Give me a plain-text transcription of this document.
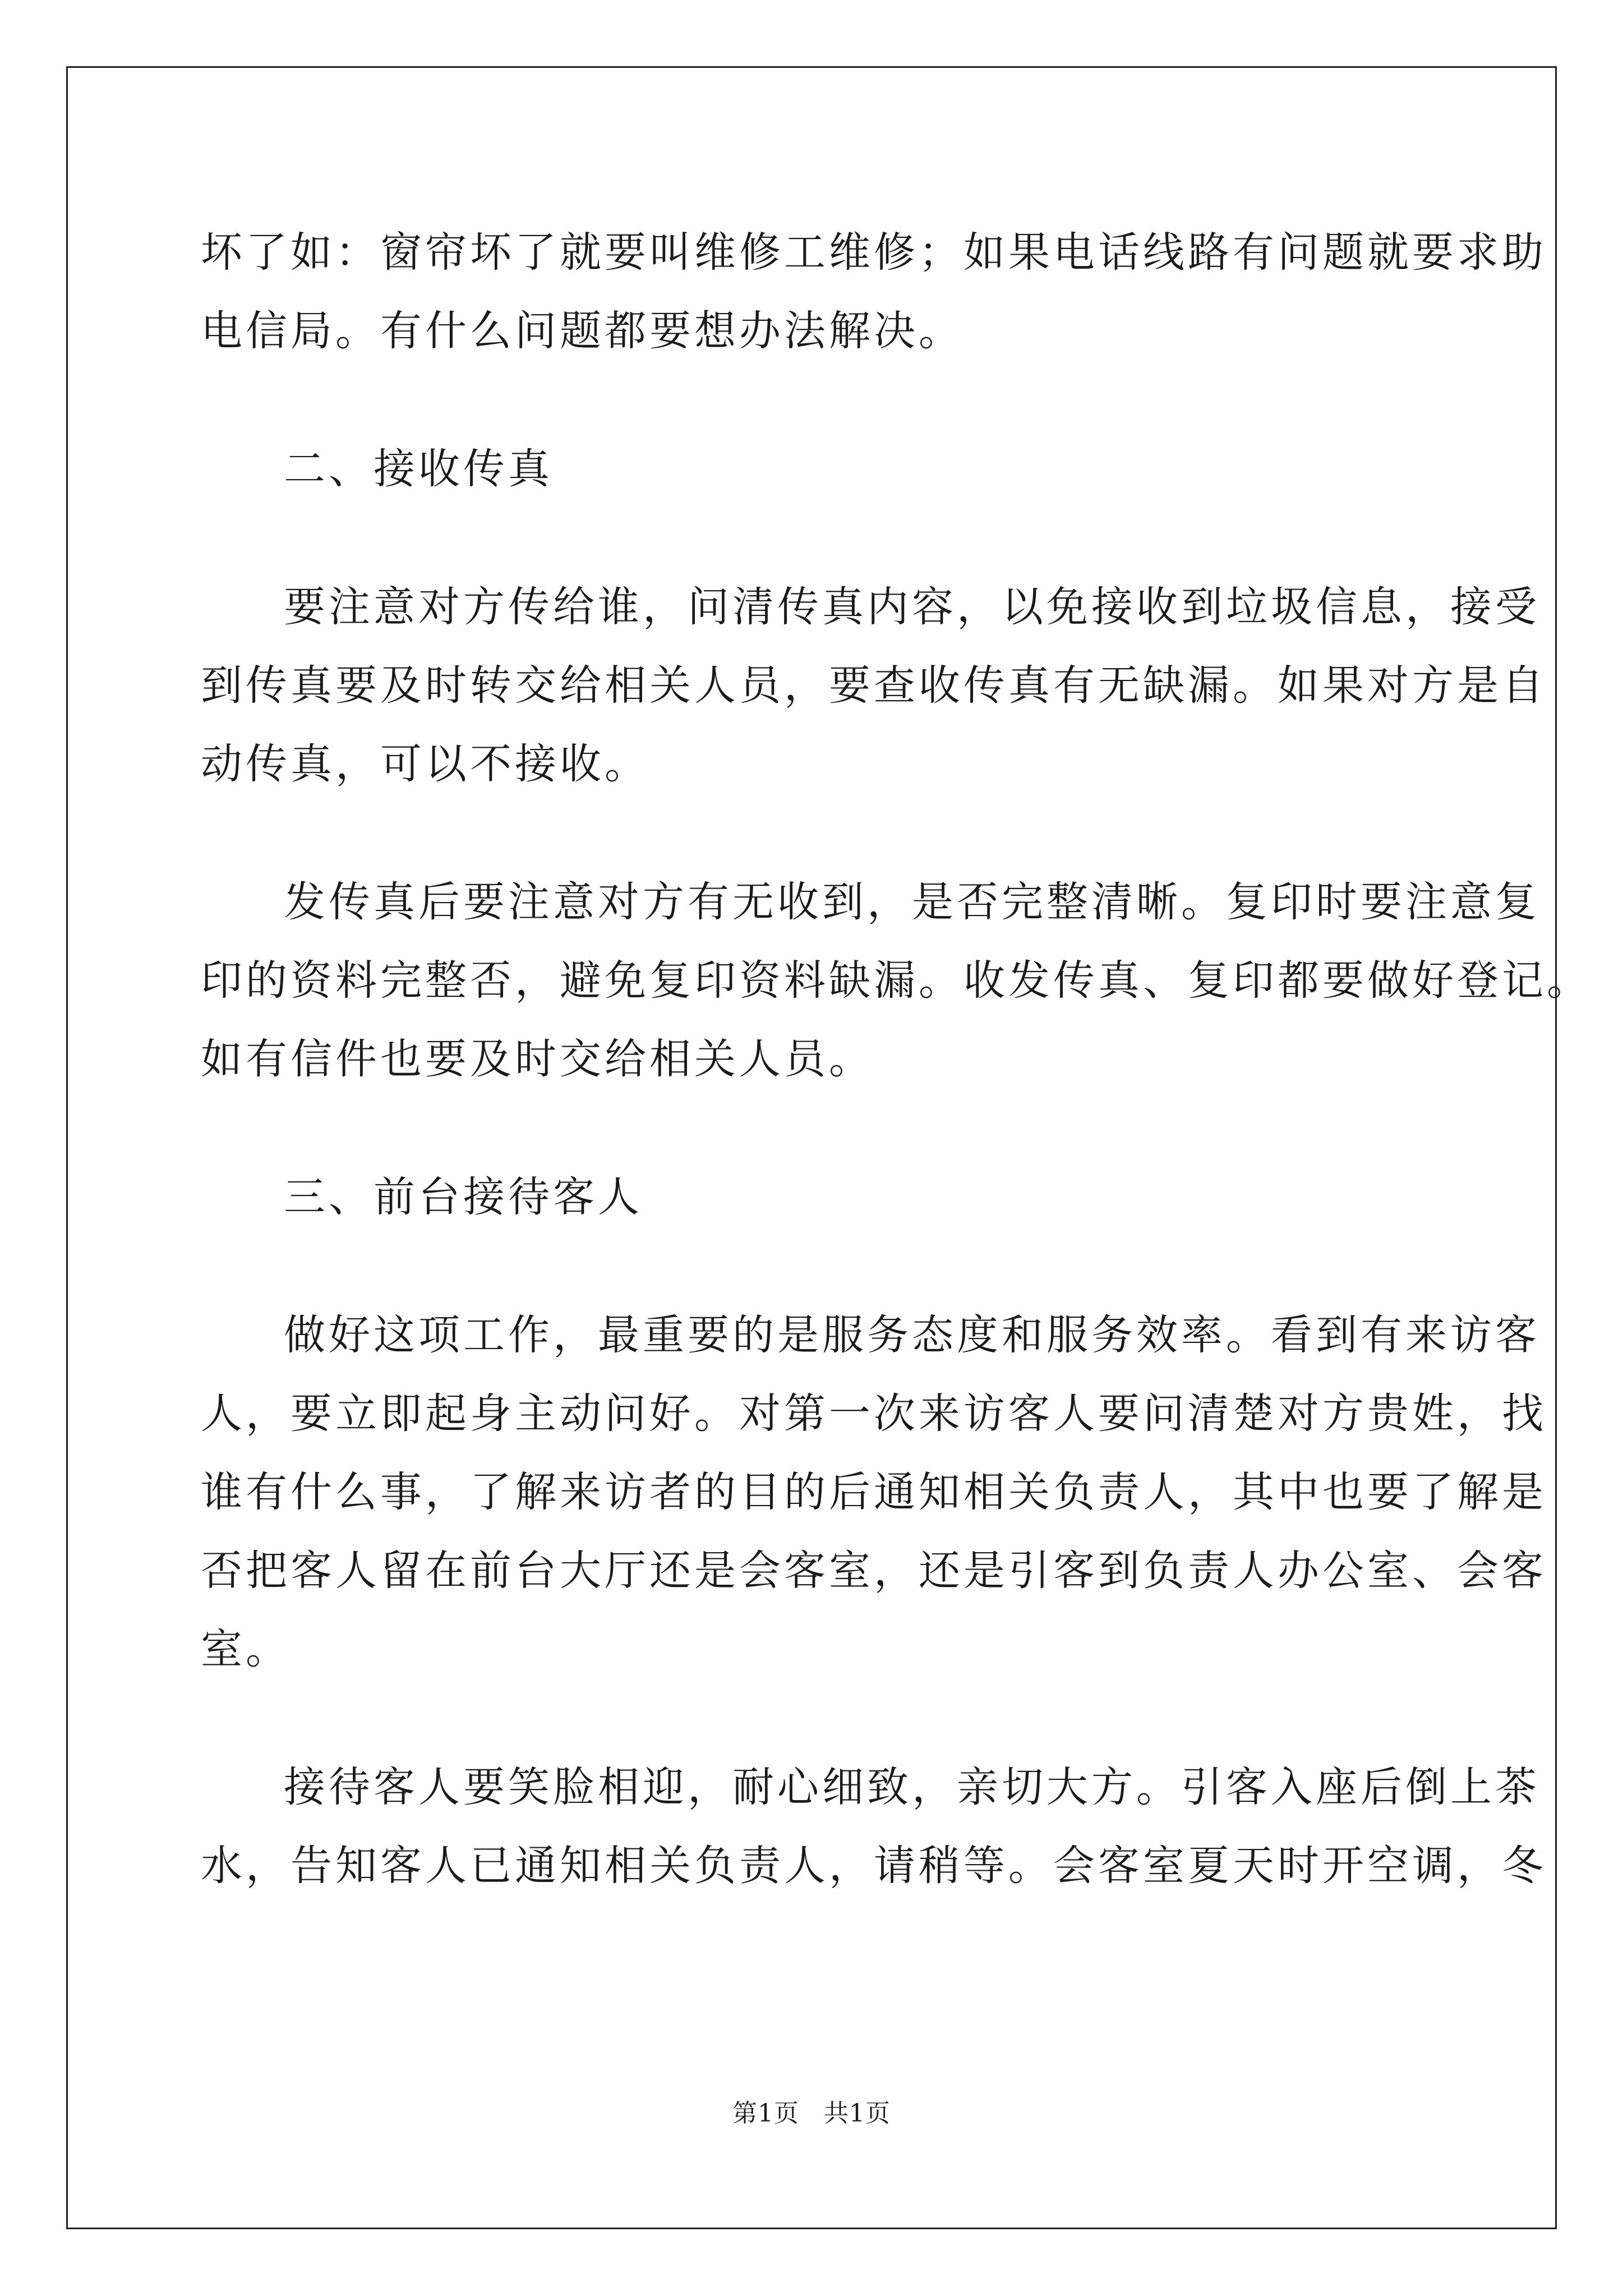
坏了如：窗帘坏了就要叫维修工维修；如果电话线路有问题就要求助
电信局。有什么问题都要想办法解决。
二、接收传真
要注意对方传给谁，问清传真内容，以免接收到垃圾信息，接受
到传真要及时转交给相关人员，要查收传真有无缺漏。如果对方是自
动传真，可以不接收。
发传真后要注意对方有无收到，是否完整清晰。复印时要注意复
印的资料完整否，避免复印资料缺漏。收发传真、复印都要做好登记。
如有信件也要及时交给相关人员。
三、前台接待客人
做好这项工作，最重要的是服务态度和服务效率。看到有来访客
人，要立即起身主动问好。对第一次来访客人要问清楚对方贵姓，找
谁有什么事，了解来访者的目的后通知相关负责人，其中也要了解是
否把客人留在前台大厅还是会客室，还是引客到负责人办公室、会客
室。
接待客人要笑脸相迎，耐心细致，亲切大方。引客入座后倒上茶
水，告知客人已通知相关负责人，请稍等。会客室夏天时开空调，冬
第1页 共1页
